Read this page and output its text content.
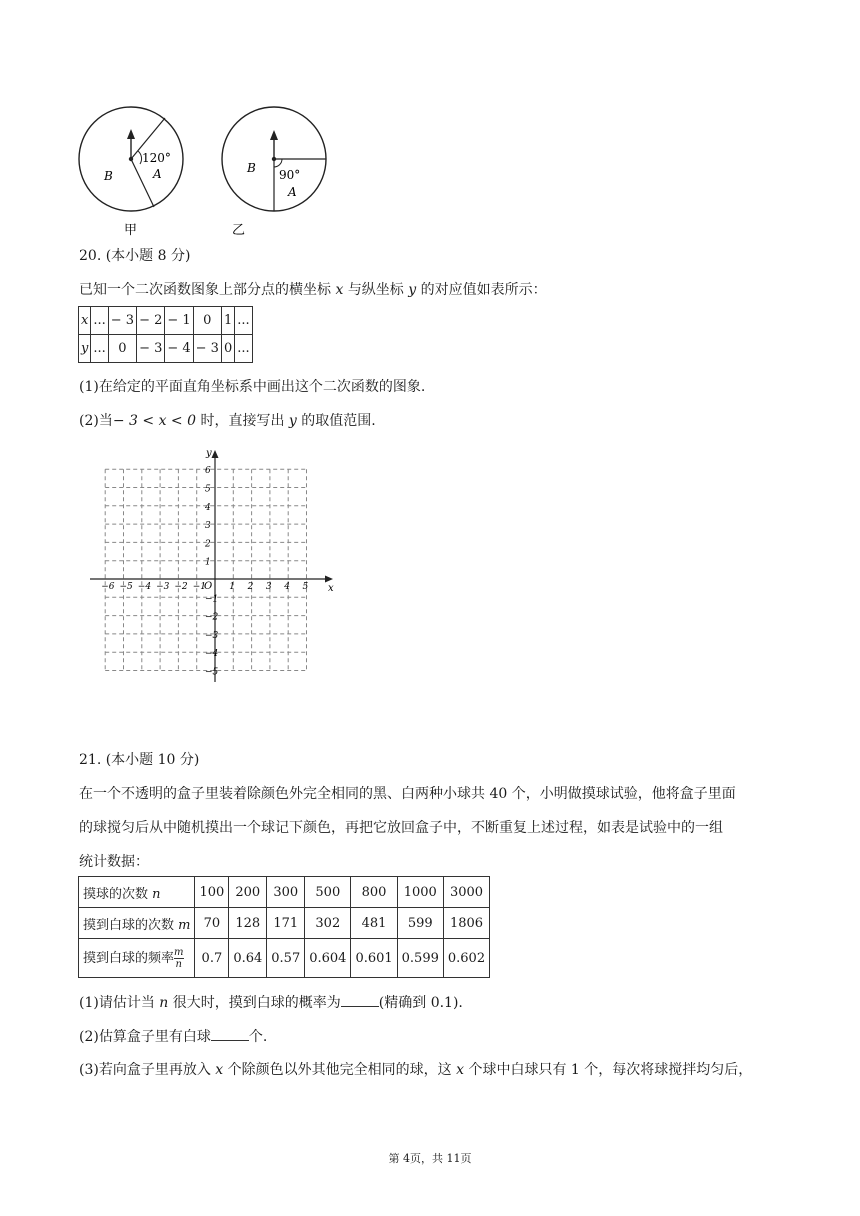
120°
B	A
甲
90°
B
A
乙
20. (本小题 8 分)
已知一个二次函数图象上部分点的横坐标 x 与纵坐标 y 的对应值如表所示：
x	...	− 3	− 2	− 1	0	1	...
y	...	0	− 3	− 4	− 3	0	...
(1)在给定的平面直角坐标系中画出这个二次函数的图象.
(2)当− 3 < x < 0 时，直接写出 y 的取值范围.
x
y
O
−6 −5 −4 −3 −2 −1	1 2 3 4 5
6
5
4
3
2
1
−1
−2
−3
−4
−5
21. (本小题 10 分)
在一个不透明的盒子里装着除颜色外完全相同的黑、白两种小球共 40 个，小明做摸球试验，他将盒子里面
的球搅匀后从中随机摸出一个球记下颜色，再把它放回盒子中，不断重复上述过程，如表是试验中的一组
统计数据：
摸球的次数 n	100	200	300	500	800	1000	3000
摸到白球的次数 m	70	128	171	302	481	599	1806
摸到白球的频率 $\frac{m}{n}$	0.7	0.64	0.57	0.604	0.601	0.599	0.602
(1)请估计当 n 很大时，摸到白球的概率为	(精确到 0.1).
(2)估算盒子里有白球	个.
(3)若向盒子里再放入 x 个除颜色以外其他完全相同的球，这 x 个球中白球只有 1 个，每次将球搅拌均匀后，
第 4页，共 11页
